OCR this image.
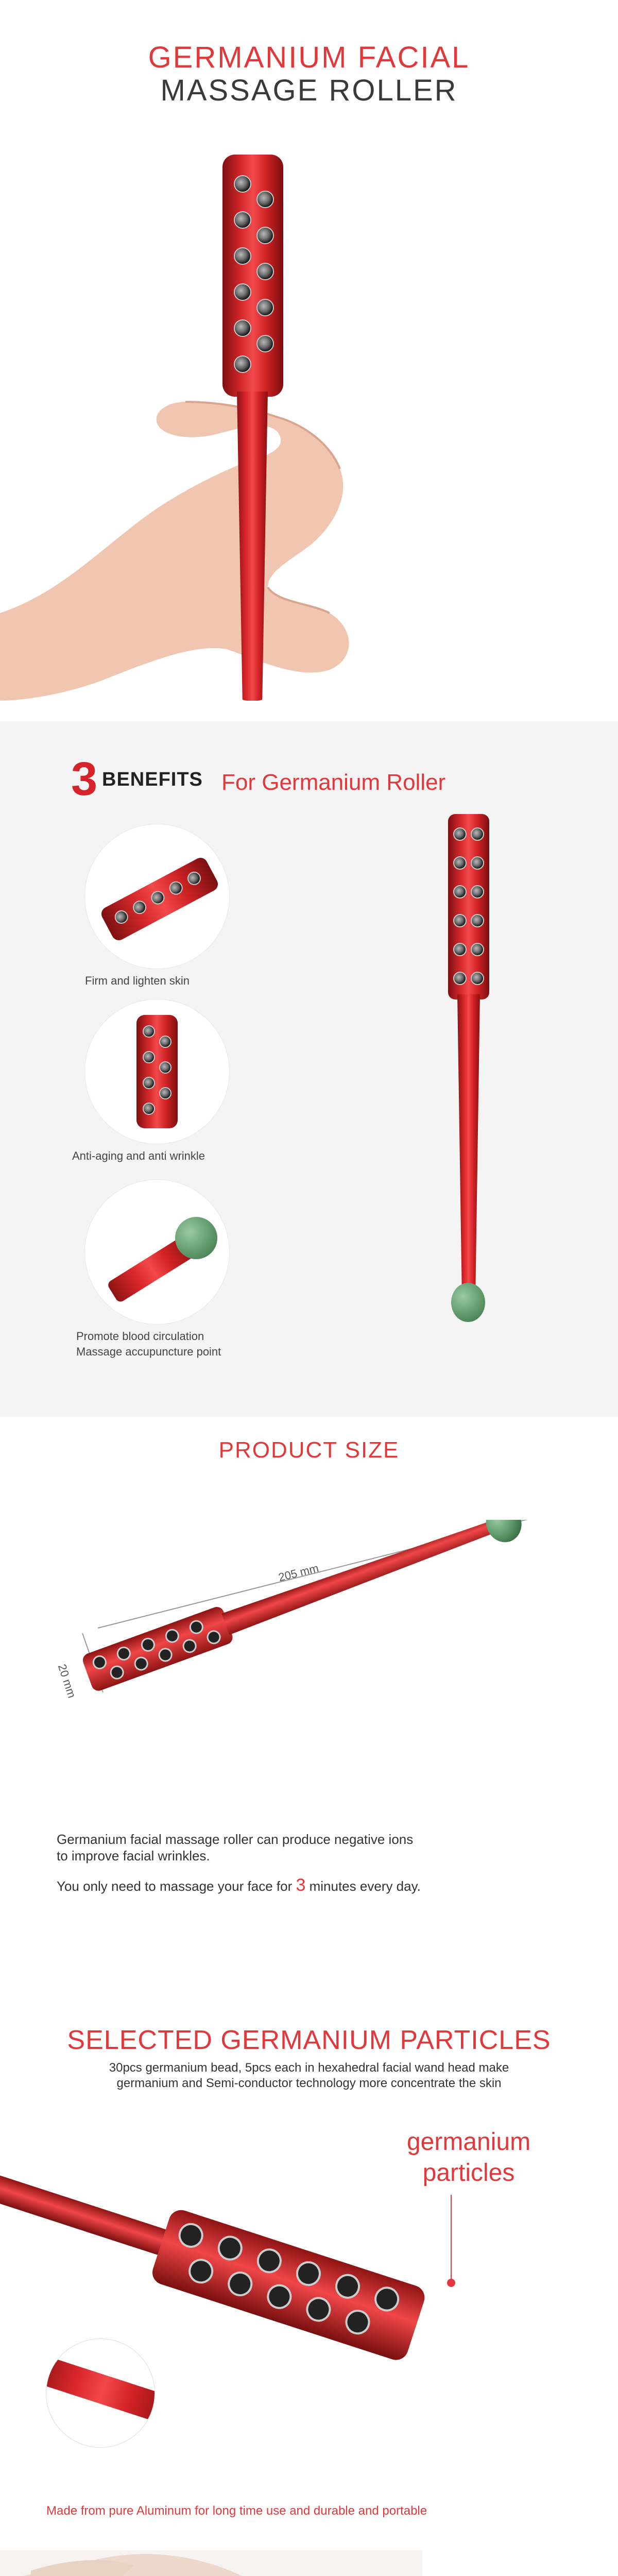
GERMANIUM FACIAL
MASSAGE ROLLER
3 BENEFITS For Germanium Roller
Firm and lighten skin
Anti-aging and anti wrinkle
Promote blood circulation
Massage accupuncture point
PRODUCT SIZE
205 mm
20 mm
Germanium facial massage roller can produce negative ions
to improve facial wrinkles.
You only need to massage your face for 3 minutes every day.
SELECTED GERMANIUM PARTICLES
30pcs germanium bead, 5pcs each in hexahedral facial wand head make
germanium and Semi-conductor technology more concentrate the skin
germanium
particles
Made from pure Aluminum for long time use and durable and portable
